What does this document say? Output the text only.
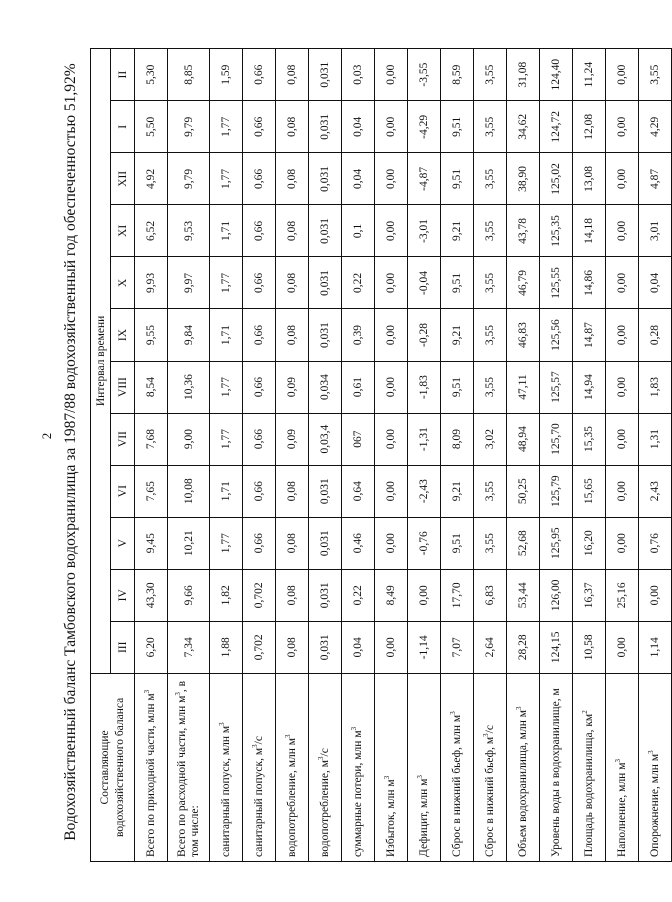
2 Водохозяйственный баланс Тамбовского водохранилища за 1987/88 водохозяйственный год обеспеченностью 51,92% Составляющие водохозяйственного баланса	Интервал времени											
	III	IV	V	VI	VII	VIII	IX	X	XI	XII	I	II
Всего по приходной части, млн $м^3$	6,20	43,30	9,45	7,65	7,68	8,54	9,55	9,93	6,52	4,92	5,50	5,30
Всего по расходной части, млн $м^3$, в том числе:	7,34	9,66	10,21	10,08	9,00	10,36	9,84	9,97	9,53	9,79	9,79	8,85
санитарный попуск, млн $м^3$	1,88	1,82	1,77	1,71	1,77	1,77	1,71	1,77	1,71	1,77	1,77	1,59
санитарный попуск, $м^3/с$	0,702	0,702	0,66	0,66	0,66	0,66	0,66	0,66	0,66	0,66	0,66	0,66
водопотребление, млн $м^3$	0,08	0,08	0,08	0,08	0,09	0,09	0,08	0,08	0,08	0,08	0,08	0,08
водопотребление, $м^3/с$	0,031	0,031	0,031	0,031	0,03,4	0,034	0,031	0,031	0,031	0,031	0,031	0,031
суммарные потери, млн $м^3$	0,04	0,22	0,46	0,64	067	0,61	0,39	0,22	0,1	0,04	0,04	0,03
Избыток, млн $м^3$	0,00	8,49	0,00	0,00	0,00	0,00	0,00	0,00	0,00	0,00	0,00	0,00
Дефицит, млн $м^3$	-1,14	0,00	-0,76	-2,43	-1,31	-1,83	-0,28	-0,04	-3,01	-4,87	-4,29	-3,55
Сброс в нижний бьеф, млн $м^3$	7,07	17,70	9,51	9,21	8,09	9,51	9,21	9,51	9,21	9,51	9,51	8,59
Сброс в нижний бьеф, $м^3/с$	2,64	6,83	3,55	3,55	3,02	3,55	3,55	3,55	3,55	3,55	3,55	3,55
Объем водохранилища, млн $м^3$	28,28	53,44	52,68	50,25	48,94	47,11	46,83	46,79	43,78	38,90	34,62	31,08
Уровень воды в водохранилище, м	124,15	126,00	125,95	125,79	125,70	125,57	125,56	125,55	125,35	125,02	124,72	124,40
Площадь водохранилища, $км^2$	10,58	16,37	16,20	15,65	15,35	14,94	14,87	14,86	14,18	13,08	12,08	11,24
Наполнение, млн $м^3$	0,00	25,16	0,00	0,00	0,00	0,00	0,00	0,00	0,00	0,00	0,00	0,00
Опорожнение, млн $м^3$	1,14	0,00	0,76	2,43	1,31	1,83	0,28	0,04	3,01	4,87	4,29	3,55
